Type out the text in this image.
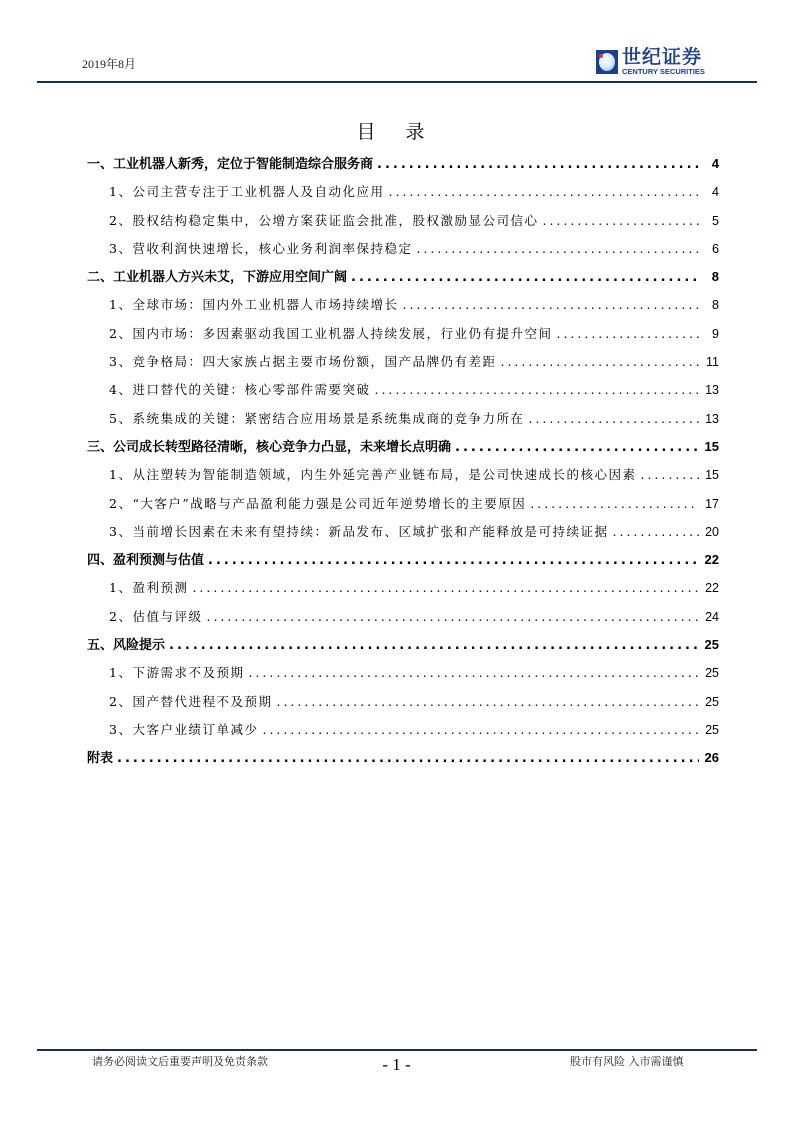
2019年8月	世纪证券
CENTURY SECURITIES
目 录
一、工业机器人新秀，定位于智能制造综合服务商 .....	4
1、公司主营专注于工业机器人及自动化应用 .....	4
2、股权结构稳定集中，公增方案获证监会批准，股权激励显公司信心 .....	5
3、营收利润快速增长，核心业务利润率保持稳定 .....	6
二、工业机器人方兴未艾，下游应用空间广阔 .....	8
1、全球市场：国内外工业机器人市场持续增长 .....	8
2、国内市场：多因素驱动我国工业机器人持续发展，行业仍有提升空间 .....	9
3、竞争格局：四大家族占据主要市场份额，国产品牌仍有差距 .....	11
4、进口替代的关键：核心零部件需要突破 .....	13
5、系统集成的关键：紧密结合应用场景是系统集成商的竞争力所在 .....	13
三、公司成长转型路径清晰，核心竞争力凸显，未来增长点明确 .....	15
1、从注塑转为智能制造领域，内生外延完善产业链布局，是公司快速成长的核心因素 .....	15
2、“大客户”战略与产品盈利能力强是公司近年逆势增长的主要原因 .....	17
3、当前增长因素在未来有望持续：新品发布、区域扩张和产能释放是可持续证据 .....	20
四、盈利预测与估值 .....	22
1、盈利预测 .....	22
2、估值与评级 .....	24
五、风险提示 .....	25
1、下游需求不及预期 .....	25
2、国产替代进程不及预期 .....	25
3、大客户业绩订单减少 .....	25
附表 .....	26
请务必阅读文后重要声明及免责条款	- 1 -	股市有风险 入市需谨慎
